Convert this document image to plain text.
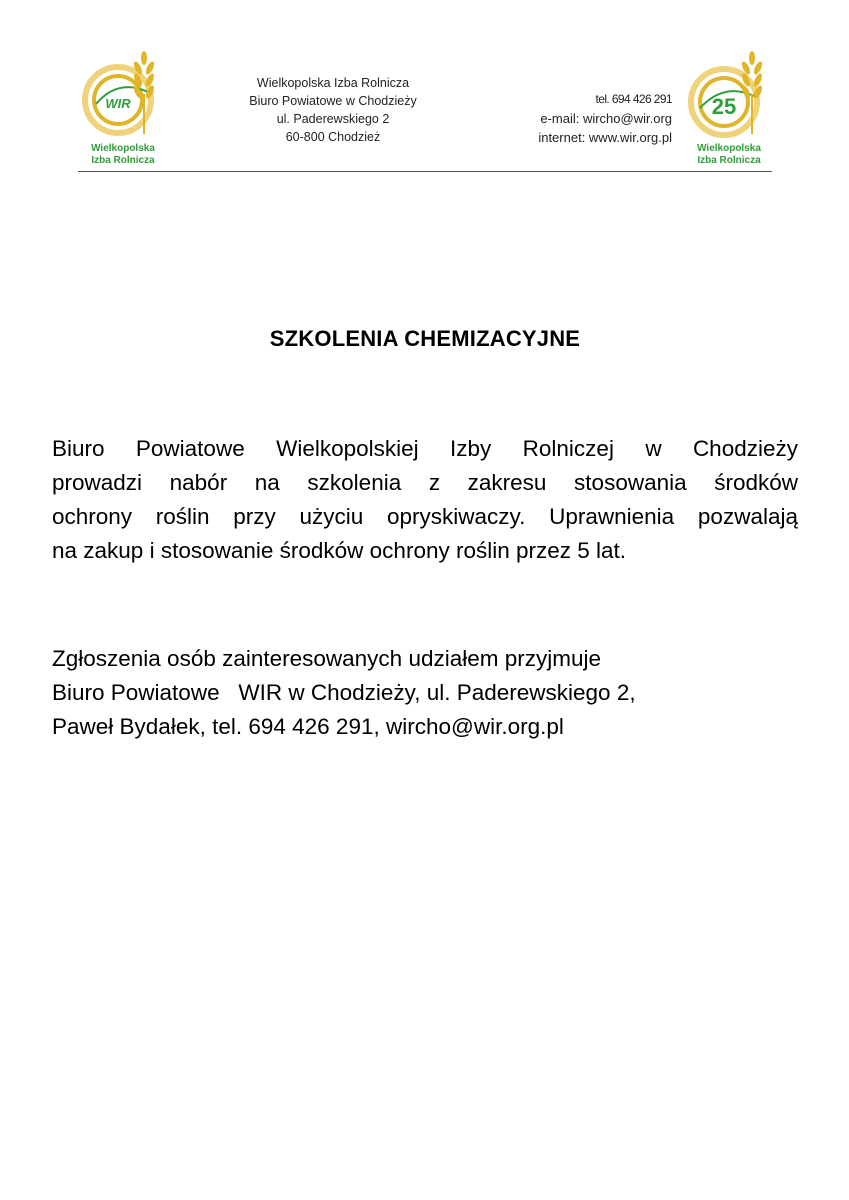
WIR
Wielkopolska
Izba Rolnicza
Wielkopolska Izba Rolnicza
Biuro Powiatowe w Chodzieży
ul. Paderewskiego 2
60-800 Chodzież
tel. 694 426 291
e-mail: wircho@wir.org
internet: www.wir.org.pl
25
Wielkopolska
Izba Rolnicza
SZKOLENIA CHEMIZACYJNE
Biuro Powiatowe Wielkopolskiej Izby Rolniczej w Chodzieży
prowadzi nabór na szkolenia z zakresu stosowania środków
ochrony roślin przy użyciu opryskiwaczy. Uprawnienia pozwalają
na zakup i stosowanie środków ochrony roślin przez 5 lat.
Zgłoszenia osób zainteresowanych udziałem przyjmuje
Biuro Powiatowe   WIR w Chodzieży, ul. Paderewskiego 2,
Paweł Bydałek, tel. 694 426 291, wircho@wir.org.pl
